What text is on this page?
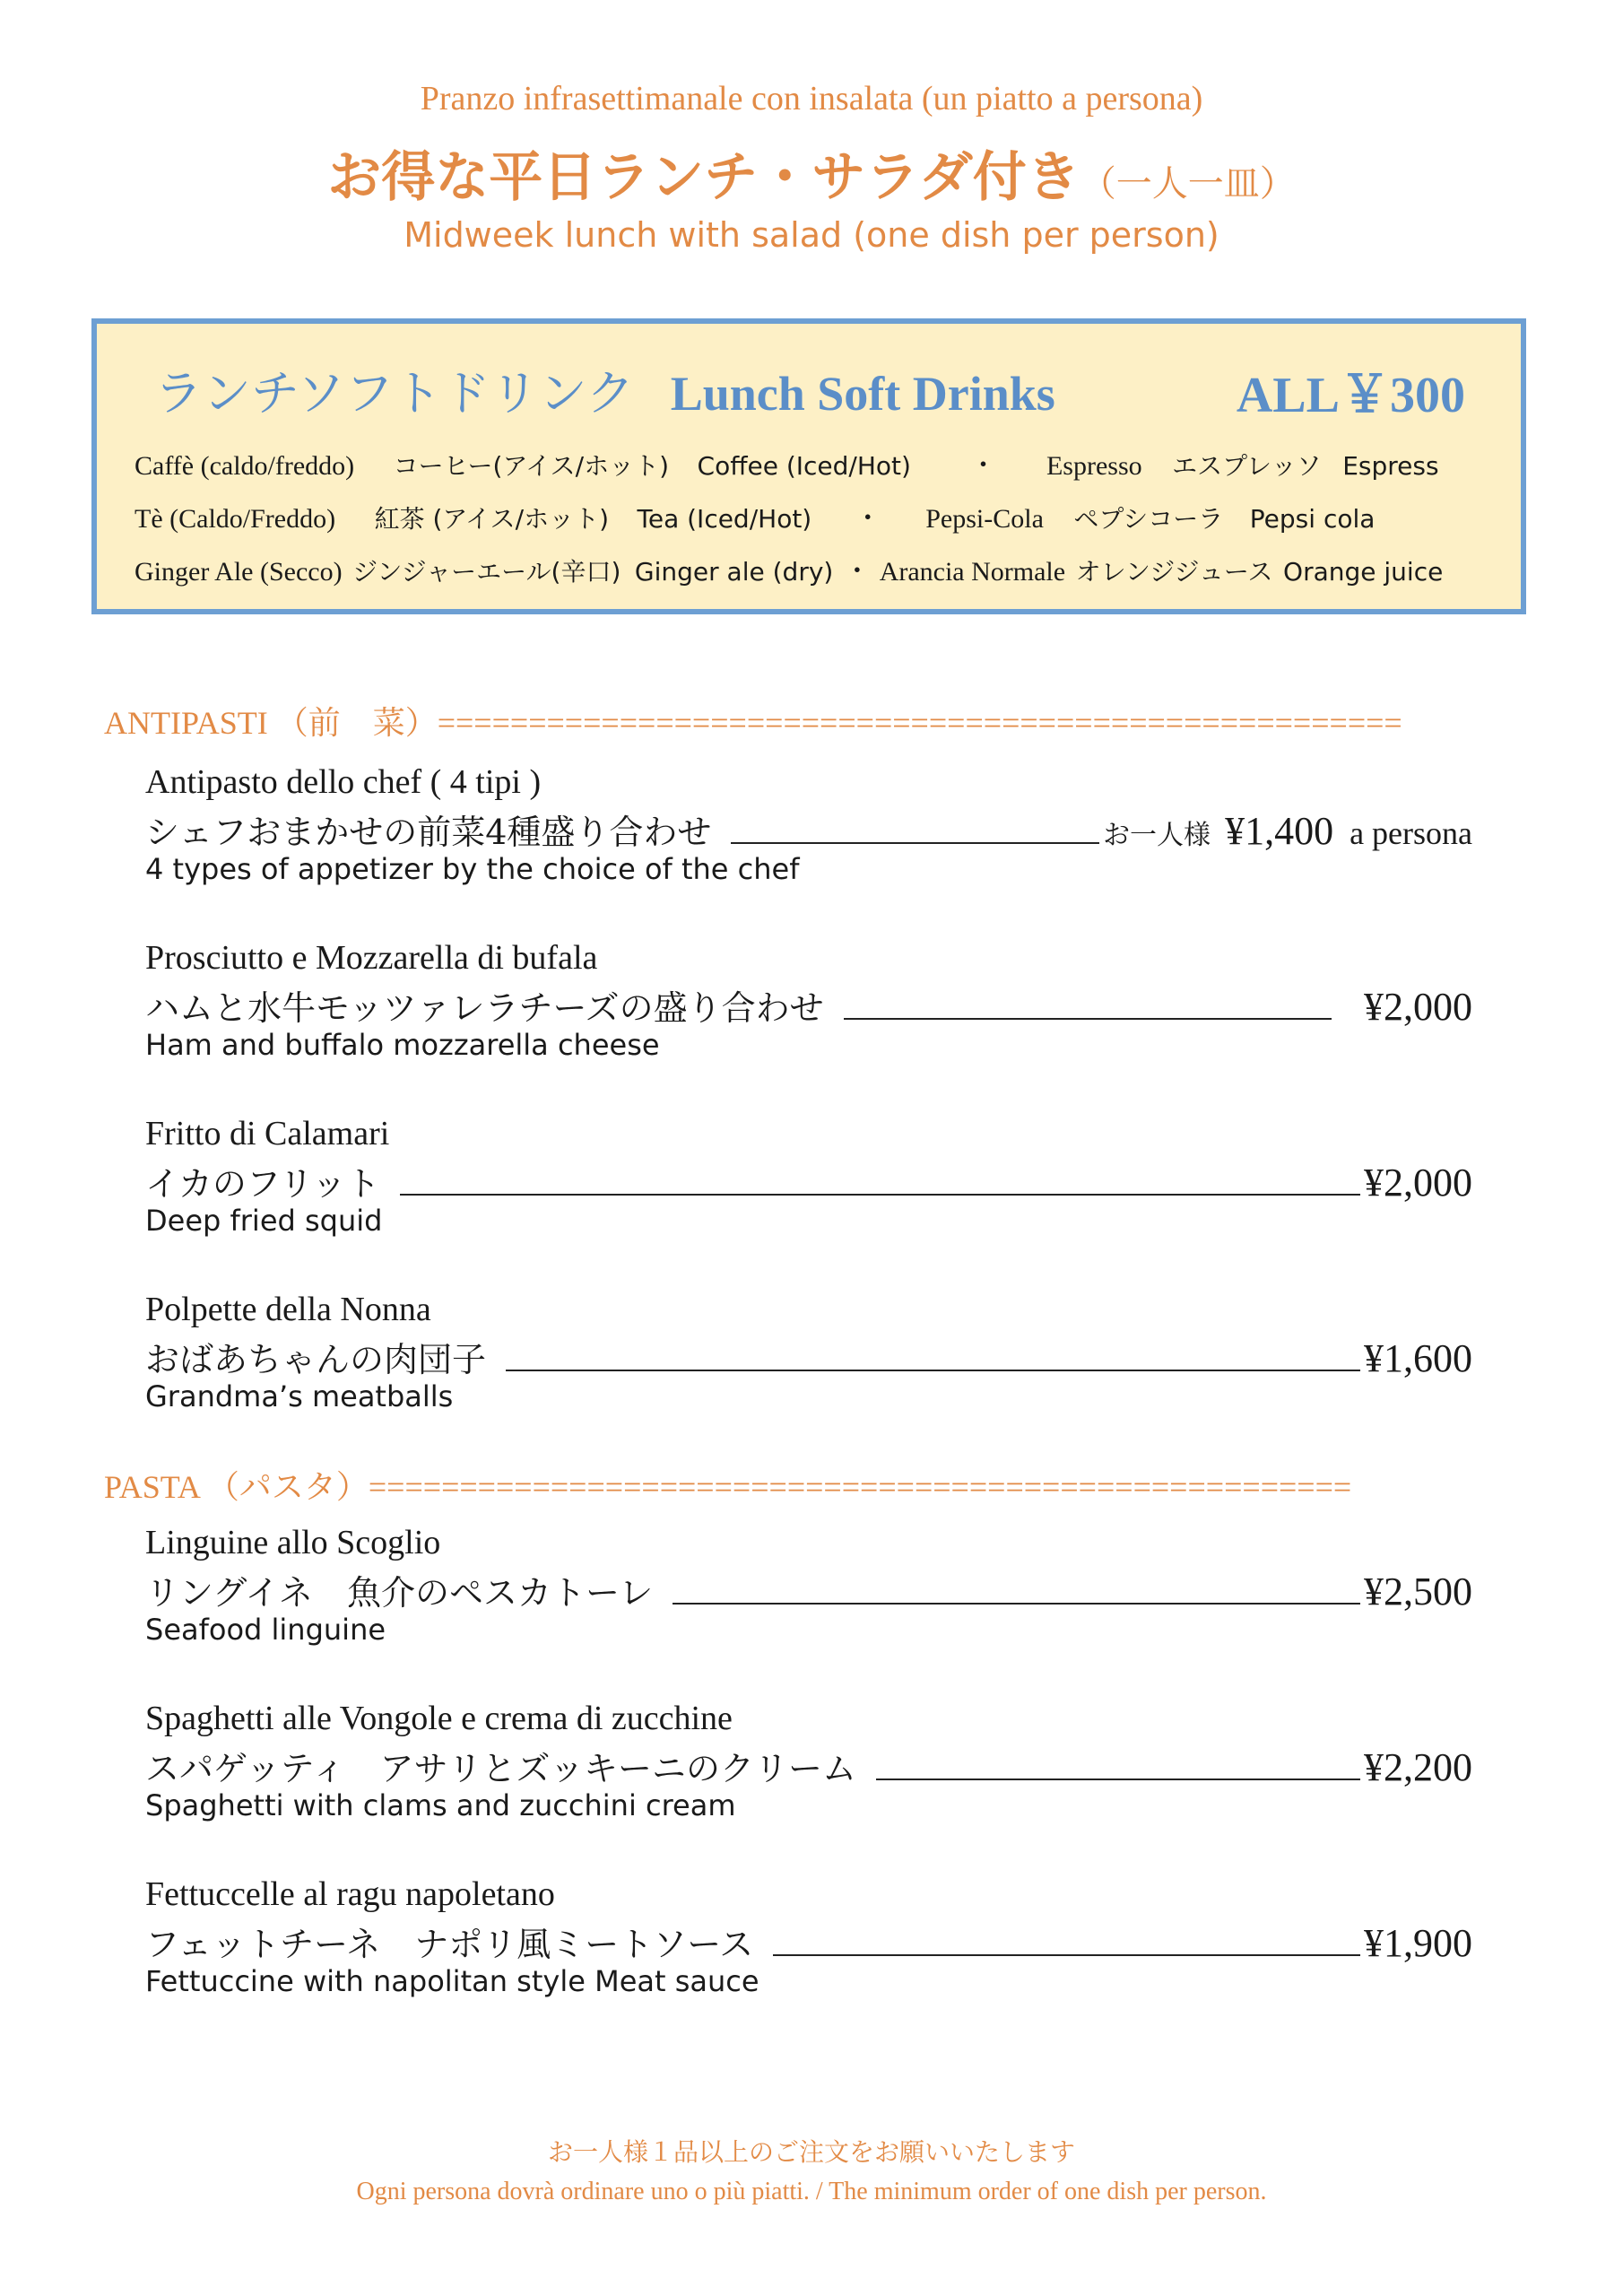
Pranzo infrasettimanale con insalata (un piatto a persona)
お得な平日ランチ・サラダ付き（一人一皿）
Midweek lunch with salad (one dish per person)
ランチソフトドリンク Lunch Soft Drinks	ALL￥300
Caffè (caldo/freddo) コーヒー(アイス/ホット) Coffee (Iced/Hot) ・ Espresso エスプレッソ Espress
Tè (Caldo/Freddo) 紅茶 (アイス/ホット) Tea (Iced/Hot) ・ Pepsi-Cola ペプシコーラ Pepsi cola
Ginger Ale (Secco) ジンジャーエール(辛口) Ginger ale (dry) ・ Arancia Normale オレンジジュース Orange juice
ANTIPASTI （前　菜）=====================================================
Antipasto dello chef ( 4 tipi )
シェフおまかせの前菜4種盛り合わせ	お一人様 ¥1,400 a persona
4 types of appetizer by the choice of the chef
Prosciutto e Mozzarella di bufala
ハムと水牛モッツァレラチーズの盛り合わせ	¥2,000
Ham and buffalo mozzarella cheese
Fritto di Calamari
イカのフリット	¥2,000
Deep fried squid
Polpette della Nonna
おばあちゃんの肉団子	¥1,600
Grandma’s meatballs
PASTA （パスタ）======================================================
Linguine allo Scoglio
リングイネ　魚介のペスカトーレ	¥2,500
Seafood linguine
Spaghetti alle Vongole e crema di zucchine
スパゲッティ　アサリとズッキーニのクリーム	¥2,200
Spaghetti with clams and zucchini cream
Fettuccelle al ragu napoletano
フェットチーネ　ナポリ風ミートソース	¥1,900
Fettuccine with napolitan style Meat sauce
お一人様１品以上のご注文をお願いいたします
Ogni persona dovrà ordinare uno o più piatti. / The minimum order of one dish per person.
